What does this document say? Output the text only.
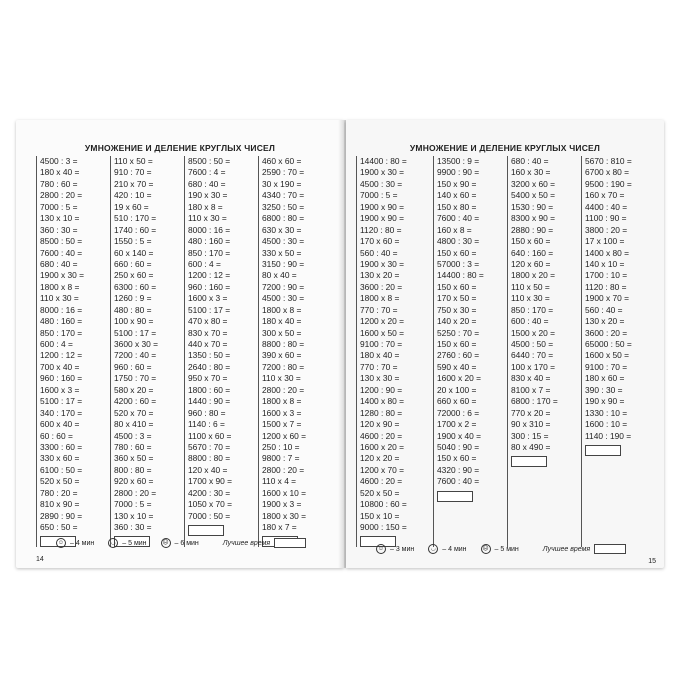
УМНОЖЕНИЕ И ДЕЛЕНИЕ КРУГЛЫХ ЧИСЕЛ
4500 : 3 =
180 x 40 =
780 : 60 =
2800 : 20 =
7000 : 5 =
130 x 10 =
360 : 30 =
8500 : 50 =
7600 : 40 =
680 : 40 =
1900 x 30 =
1800 x 8 =
110 x 30 =
8000 : 16 =
480 : 160 =
850 : 170 =
600 : 4 =
1200 : 12 =
700 x 40 =
960 : 160 =
1600 x 3 =
5100 : 17 =
340 : 170 =
600 x 40 =
60 : 60 =
3300 : 60 =
330 x 60 =
6100 : 50 =
520 x 50 =
780 : 20 =
810 x 90 =
2890 : 90 =
650 : 50 =
110 x 50 =
910 : 70 =
210 x 70 =
420 : 10 =
19 x 60 =
510 : 170 =
1740 : 60 =
1550 : 5 =
60 x 140 =
660 : 60 =
250 x 60 =
6300 : 60 =
1260 : 9 =
480 : 80 =
100 x 90 =
5100 : 17 =
3600 x 30 =
7200 : 40 =
960 : 60 =
1750 : 70 =
580 x 20 =
4200 : 60 =
520 x 70 =
80 x 410 =
4500 : 3 =
780 : 60 =
360 x 50 =
800 : 80 =
920 x 60 =
2800 : 20 =
7000 : 5 =
130 x 10 =
360 : 30 =
8500 : 50 =
7600 : 4 =
680 : 40 =
190 x 30 =
180 x 8 =
110 x 30 =
8000 : 16 =
480 : 160 =
850 : 170 =
600 : 4 =
1200 : 12 =
960 : 160 =
1600 x 3 =
5100 : 17 =
470 x 80 =
830 x 70 =
440 x 70 =
1350 : 50 =
2640 : 80 =
950 x 70 =
1800 : 60 =
1440 : 90 =
960 : 80 =
1140 : 6 =
1100 x 60 =
5670 : 70 =
8800 : 80 =
120 x 40 =
1700 x 90 =
4200 : 30 =
1050 x 70 =
7000 : 50 =
460 x 60 =
2590 : 70 =
30 x 190 =
4340 : 70 =
3250 : 50 =
6800 : 80 =
630 x 30 =
4500 : 30 =
330 x 50 =
3150 : 90 =
80 x 40 =
7200 : 90 =
4500 : 30 =
1800 x 8 =
180 x 40 =
300 x 50 =
8800 : 80 =
390 x 60 =
7200 : 80 =
110 x 30 =
2800 : 20 =
1800 x 8 =
1600 x 3 =
1500 x 7 =
1200 x 60 =
250 : 10 =
9800 : 7 =
2800 : 20 =
110 x 4 =
1600 x 10 =
1900 x 3 =
1800 x 30 =
180 x 7 =
☺ – 4 мин	◡ – 5 мин	☹ – 6 мин	Лучшее время
14
УМНОЖЕНИЕ И ДЕЛЕНИЕ КРУГЛЫХ ЧИСЕЛ
14400 : 80 =
1900 x 30 =
4500 : 30 =
7000 : 5 =
1900 x 90 =
1900 x 90 =
1120 : 80 =
170 x 60 =
560 : 40 =
1900 x 30 =
130 x 20 =
3600 : 20 =
1800 x 8 =
770 : 70 =
1200 x 20 =
1600 x 50 =
9100 : 70 =
180 x 40 =
770 : 70 =
130 x 30 =
1200 : 90 =
1400 x 80 =
1280 : 80 =
120 x 90 =
4600 : 20 =
1600 x 20 =
120 x 20 =
1200 x 70 =
4600 : 20 =
520 x 50 =
10800 : 60 =
150 x 10 =
9000 : 150 =
13500 : 9 =
9900 : 90 =
150 x 90 =
140 x 60 =
150 x 80 =
7600 : 40 =
160 x 8 =
4800 : 30 =
150 x 60 =
57000 : 3 =
14400 : 80 =
150 x 60 =
170 x 50 =
750 x 30 =
140 x 20 =
5250 : 70 =
150 x 60 =
2760 : 60 =
590 x 40 =
1600 x 20 =
20 x 100 =
660 x 60 =
72000 : 6 =
1700 x 2 =
1900 x 40 =
5040 : 90 =
150 x 60 =
4320 : 90 =
7600 : 40 =
680 : 40 =
160 x 30 =
3200 x 60 =
5400 x 50 =
1530 : 90 =
8300 x 90 =
2880 : 90 =
150 x 60 =
640 : 160 =
120 x 60 =
1800 x 20 =
110 x 50 =
110 x 30 =
850 : 170 =
600 : 40 =
1500 x 20 =
4500 : 50 =
6440 : 70 =
100 x 170 =
830 x 40 =
8100 x 7 =
6800 : 170 =
770 x 20 =
90 x 310 =
300 : 15 =
80 x 490 =
5670 : 810 =
6700 x 80 =
9500 : 190 =
160 x 70 =
4400 : 40 =
1100 : 90 =
3800 : 20 =
17 x 100 =
1400 x 80 =
140 x 10 =
1700 : 10 =
1120 : 80 =
1900 x 70 =
560 : 40 =
130 x 20 =
3600 : 20 =
65000 : 50 =
1600 x 50 =
9100 : 70 =
180 x 60 =
390 : 30 =
190 x 90 =
1330 : 10 =
1600 : 10 =
1140 : 190 =
☺ – 3 мин	◡ – 4 мин	☹ – 5 мин	Лучшее время
15
